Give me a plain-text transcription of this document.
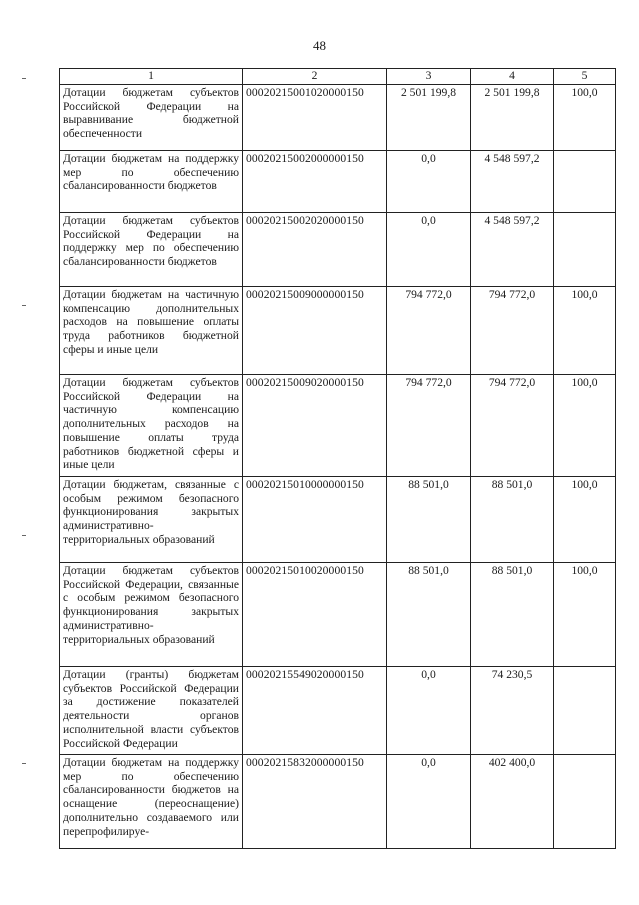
48
1	2	3	4	5
Дотации бюджетам субъектов Российской Федерации на выравнивание бюджетной обеспеченности	00020215001020000150	2 501 199,8	2 501 199,8	100,0
Дотации бюджетам на поддержку мер по обеспечению сбалансированности бюджетов	00020215002000000150	0,0	4 548 597,2	
Дотации бюджетам субъектов Российской Федерации на поддержку мер по обеспечению сбалансированности бюджетов	00020215002020000150	0,0	4 548 597,2	
Дотации бюджетам на частичную компенсацию дополнительных расходов на повышение оплаты труда работников бюджетной сферы и иные цели	00020215009000000150	794 772,0	794 772,0	100,0
Дотации бюджетам субъектов Российской Федерации на частичную компенсацию дополнительных расходов на повышение оплаты труда работников бюджетной сферы и иные цели	00020215009020000150	794 772,0	794 772,0	100,0
Дотации бюджетам, связанные с особым режимом безопасного функционирования закрытых административно-территориальных образований	00020215010000000150	88 501,0	88 501,0	100,0
Дотации бюджетам субъектов Российской Федерации, связанные с особым режимом безопасного функционирования закрытых административно-территориальных образований	00020215010020000150	88 501,0	88 501,0	100,0
Дотации (гранты) бюджетам субъектов Российской Федерации за достижение показателей деятельности органов исполнительной власти субъектов Российской Федерации	00020215549020000150	0,0	74 230,5	
Дотации бюджетам на поддержку мер по обеспечению сбалансированности бюджетов на оснащение (переоснащение) дополнительно создаваемого или перепрофилируе-	00020215832000000150	0,0	402 400,0	
